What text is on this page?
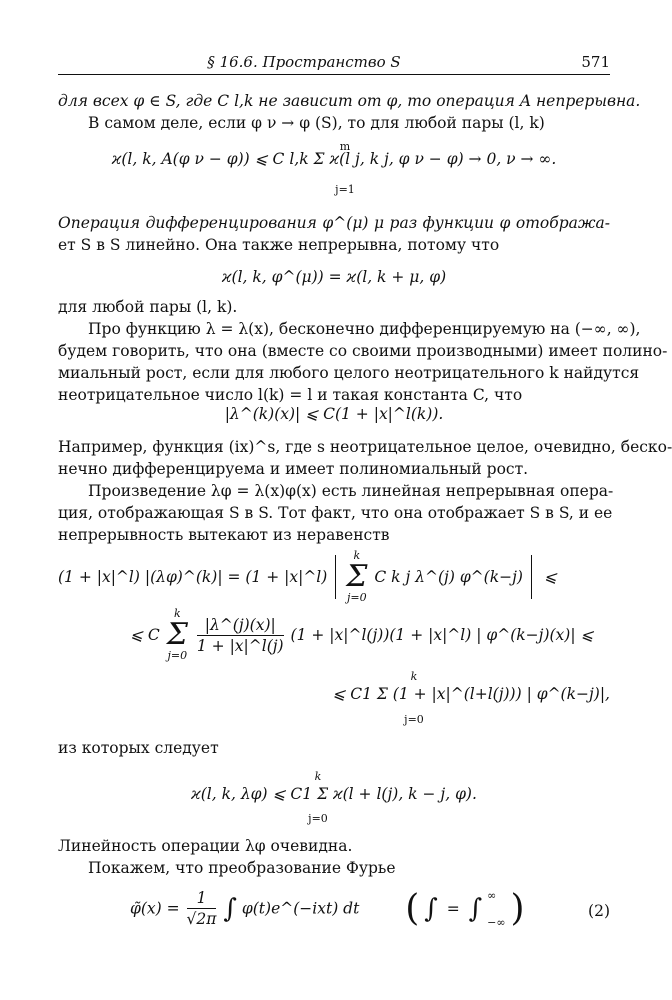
§ 16.6. Пространство S	571
для всех φ ∈ S, где C l,k не зависит от φ, то операция A непрерывна.
В самом деле, если φ ν → φ (S), то для любой пары (l, k)
ϰ(l, k, A(φ ν − φ)) ⩽ C l,k Σ ϰ(l j, k j, φ ν − φ) → 0, ν → ∞.
m
j=1
Операция дифференцирования φ^(μ) μ раз функции φ отобража-
ет S в S линейно. Она также непрерывна, потому что
ϰ(l, k, φ^(μ)) = ϰ(l, k + μ, φ)
для любой пары (l, k).
Про функцию λ = λ(x), бесконечно дифференцируемую на (−∞, ∞),
будем говорить, что она (вместе со своими производными) имеет полино-
миальный рост, если для любого целого неотрицательного k найдутся
неотрицательное число l(k) = l и такая константа C, что
|λ^(k)(x)| ⩽ C(1 + |x|^l(k)).
Например, функция (ix)^s, где s неотрицательное целое, очевидно, беско-
нечно дифференцируема и имеет полиномиальный рост.
Произведение λφ = λ(x)φ(x) есть линейная непрерывная опера-
ция, отображающая S в S. Тот факт, что она отображает S в S, и ее
непрерывность вытекают из неравенств
(1 + |x|^l) |(λφ)^(k)| = (1 + |x|^l)
k
Σ
j=0
C k j λ^(j) φ^(k−j) ⩽
⩽ C
k
Σ
j=0
$\frac{|\lambda\^{}(j)(x)|}{1 + |x|\^{}l(j)} (1$ + |x|^l(j))(1 + |x|^l) | φ^(k−j)(x)| ⩽
⩽ C1 Σ (1 + |x|^(l+l(j))) | φ^(k−j)|,
k
j=0
из которых следует
ϰ(l, k, λφ) ⩽ C1 Σ ϰ(l + l(j), k − j, φ).
k
j=0
Линейность операции λφ очевидна.
Покажем, что преобразование Фурье
φ̃(x) = $\frac{1}{√2\pi}$ ∫ φ(t)e^(−ixt) dt ( ∫ = ∫ ∞
−∞ )	(2)
